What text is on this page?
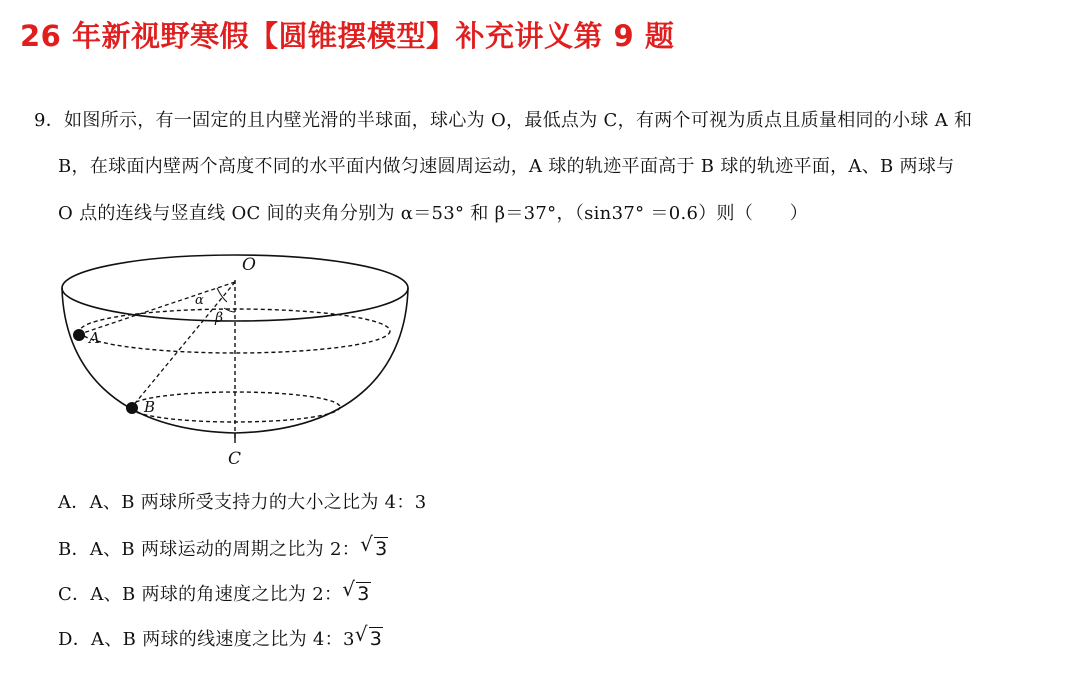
26 年新视野寒假【圆锥摆模型】补充讲义第 9 题
9．如图所示，有一固定的且内壁光滑的半球面，球心为 O，最低点为 C，有两个可视为质点且质量相同的小球 A 和
B，在球面内壁两个高度不同的水平面内做匀速圆周运动，A 球的轨迹平面高于 B 球的轨迹平面，A、B 两球与
O 点的连线与竖直线 OC 间的夹角分别为 α＝53° 和 β＝37°，（sin37° ＝0.6）则（　　）
O
α
β
A
B
C
A．A、B 两球所受支持力的大小之比为 4：3
B．A、B 两球运动的周期之比为 2： √ 3
C．A、B 两球的角速度之比为 2： √ 3
D．A、B 两球的线速度之比为 4：3 √ 3
